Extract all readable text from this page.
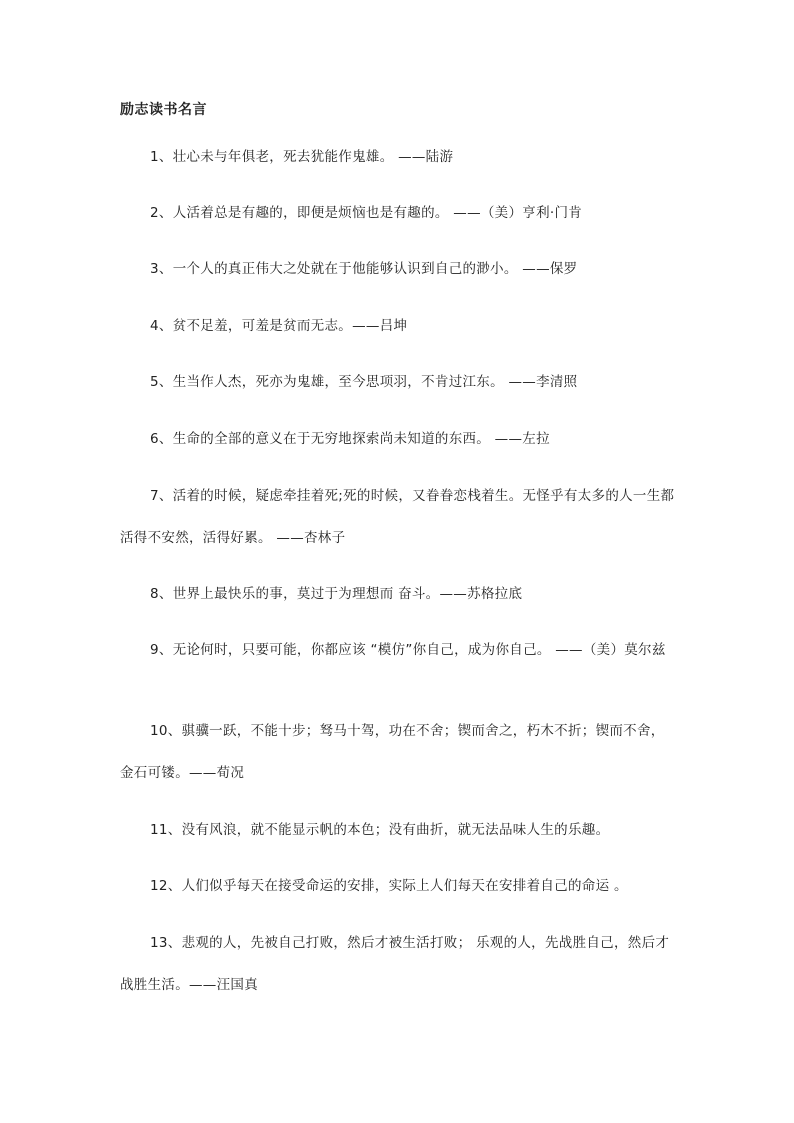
励志读书名言

1、壮心未与年俱老，死去犹能作鬼雄。 ——陆游

2、人活着总是有趣的，即便是烦恼也是有趣的。 ——（美）亨利·门肯

3、一个人的真正伟大之处就在于他能够认识到自己的渺小。 ——保罗

4、贫不足羞，可羞是贫而无志。——吕坤

5、生当作人杰，死亦为鬼雄，至今思项羽，不肯过江东。 ——李清照

6、生命的全部的意义在于无穷地探索尚未知道的东西。 ——左拉

7、活着的时候，疑虑牵挂着死;死的时候，又眷眷恋栈着生。无怪乎有太多的人一生都活得不安然，活得好累。 ——杏林子

8、世界上最快乐的事，莫过于为理想而 奋斗。——苏格拉底

9、无论何时，只要可能，你都应该 “模仿”你自己，成为你自己。 ——（美）莫尔兹

10、骐骥一跃，不能十步；驽马十驾，功在不舍；锲而舍之，朽木不折；锲而不舍，金石可镂。——荀况

11、没有风浪，就不能显示帆的本色；没有曲折，就无法品味人生的乐趣。

12、人们似乎每天在接受命运的安排，实际上人们每天在安排着自己的命运 。

13、悲观的人，先被自己打败，然后才被生活打败； 乐观的人，先战胜自己，然后才战胜生活。——汪国真
